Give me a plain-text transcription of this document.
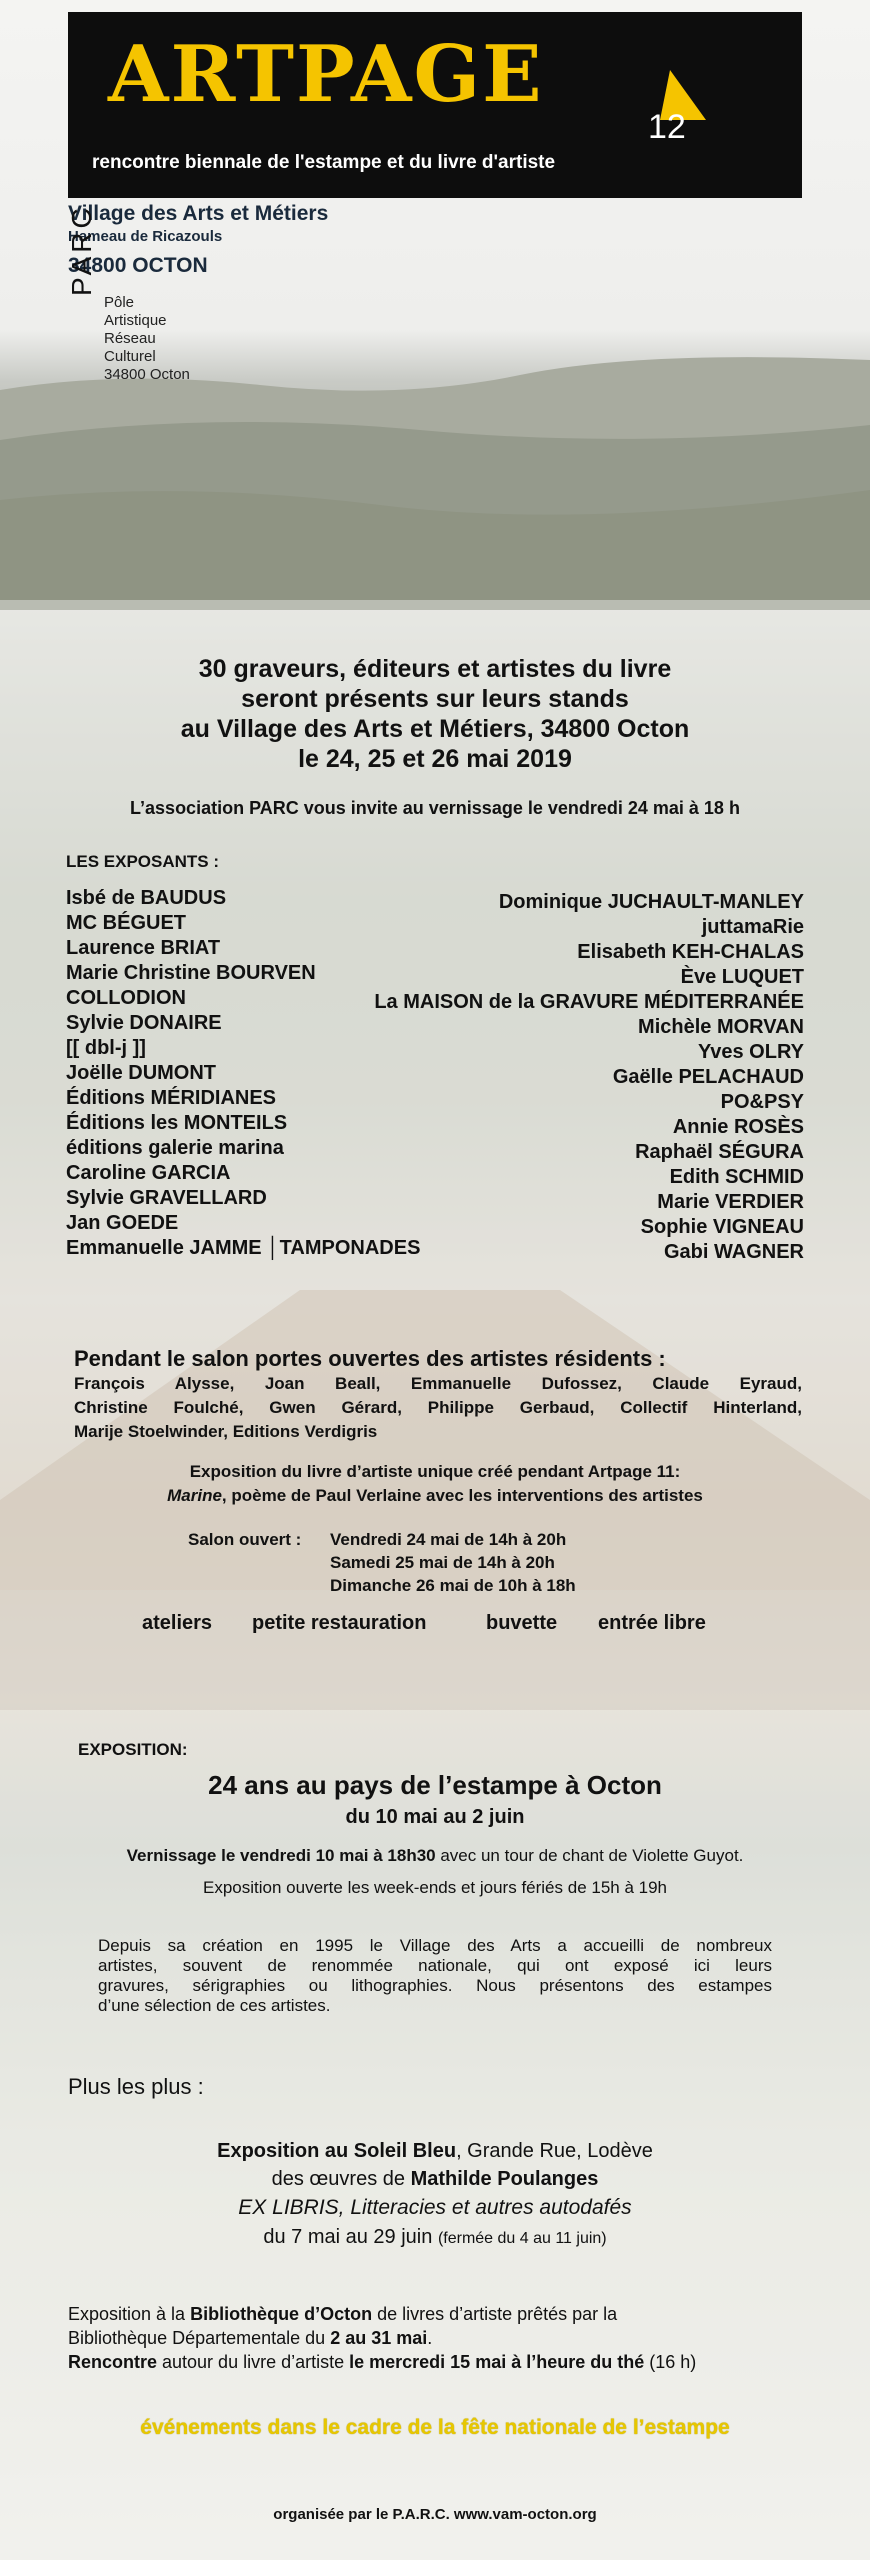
ARTPAGE
12
rencontre biennale de l'estampe et du livre d'artiste
Village des Arts et Métiers
Hameau de Ricazouls
34800 OCTON
PARC
Pôle
Artistique
Réseau
Culturel
34800 Octon
30 graveurs, éditeurs et artistes du livre
seront présents sur leurs stands
au Village des Arts et Métiers, 34800 Octon
le 24, 25 et 26 mai 2019
L’association PARC vous invite au vernissage le vendredi 24 mai à 18 h
LES EXPOSANTS :
Isbé de BAUDUS
MC BÉGUET
Laurence BRIAT
Marie Christine BOURVEN
COLLODION
Sylvie DONAIRE
[[ dbl-j ]]
Joëlle DUMONT
Éditions MÉRIDIANES
Éditions les MONTEILS
éditions galerie marina
Caroline GARCIA
Sylvie GRAVELLARD
Jan GOEDE
Emmanuelle JAMME │TAMPONADES
Dominique JUCHAULT-MANLEY
juttamaRie
Elisabeth KEH-CHALAS
Ève LUQUET
La MAISON de la GRAVURE MÉDITERRANÉE
Michèle MORVAN
Yves OLRY
Gaëlle PELACHAUD
PO&PSY
Annie ROSÈS
Raphaël SÉGURA
Edith SCHMID
Marie VERDIER
Sophie VIGNEAU
Gabi WAGNER
Pendant le salon portes ouvertes des artistes résidents :
François Alysse, Joan Beall, Emmanuelle Dufossez, Claude Eyraud,
Christine Foulché, Gwen Gérard, Philippe Gerbaud, Collectif Hinterland,
Marije Stoelwinder, Editions Verdigris
Exposition du livre d’artiste unique créé pendant Artpage 11:
Marine, poème de Paul Verlaine avec les interventions des artistes
Salon ouvert : Vendredi 24 mai de 14h à 20h
Samedi 25 mai de 14h à 20h
Dimanche 26 mai de 10h à 18h
ateliers petite restauration	buvette entrée libre
EXPOSITION:
24 ans au pays de l’estampe à Octon
du 10 mai au 2 juin
Vernissage le vendredi 10 mai à 18h30 avec un tour de chant de Violette Guyot.
Exposition ouverte les week-ends et jours fériés de 15h à 19h
Depuis sa création en 1995 le Village des Arts a accueilli de nombreux
artistes, souvent de renommée nationale, qui ont exposé ici leurs
gravures, sérigraphies ou lithographies. Nous présentons des estampes
d’une sélection de ces artistes.
Plus les plus :
Exposition au Soleil Bleu, Grande Rue, Lodève
des œuvres de Mathilde Poulanges
EX LIBRIS, Litteracies et autres autodafés
du 7 mai au 29 juin (fermée du 4 au 11 juin)
Exposition à la Bibliothèque d’Octon de livres d’artiste prêtés par la
Bibliothèque Départementale du 2 au 31 mai.
Rencontre autour du livre d’artiste le mercredi 15 mai à l’heure du thé (16 h)
événements dans le cadre de la fête nationale de l’estampe
organisée par le P.A.R.C. www.vam-octon.org
